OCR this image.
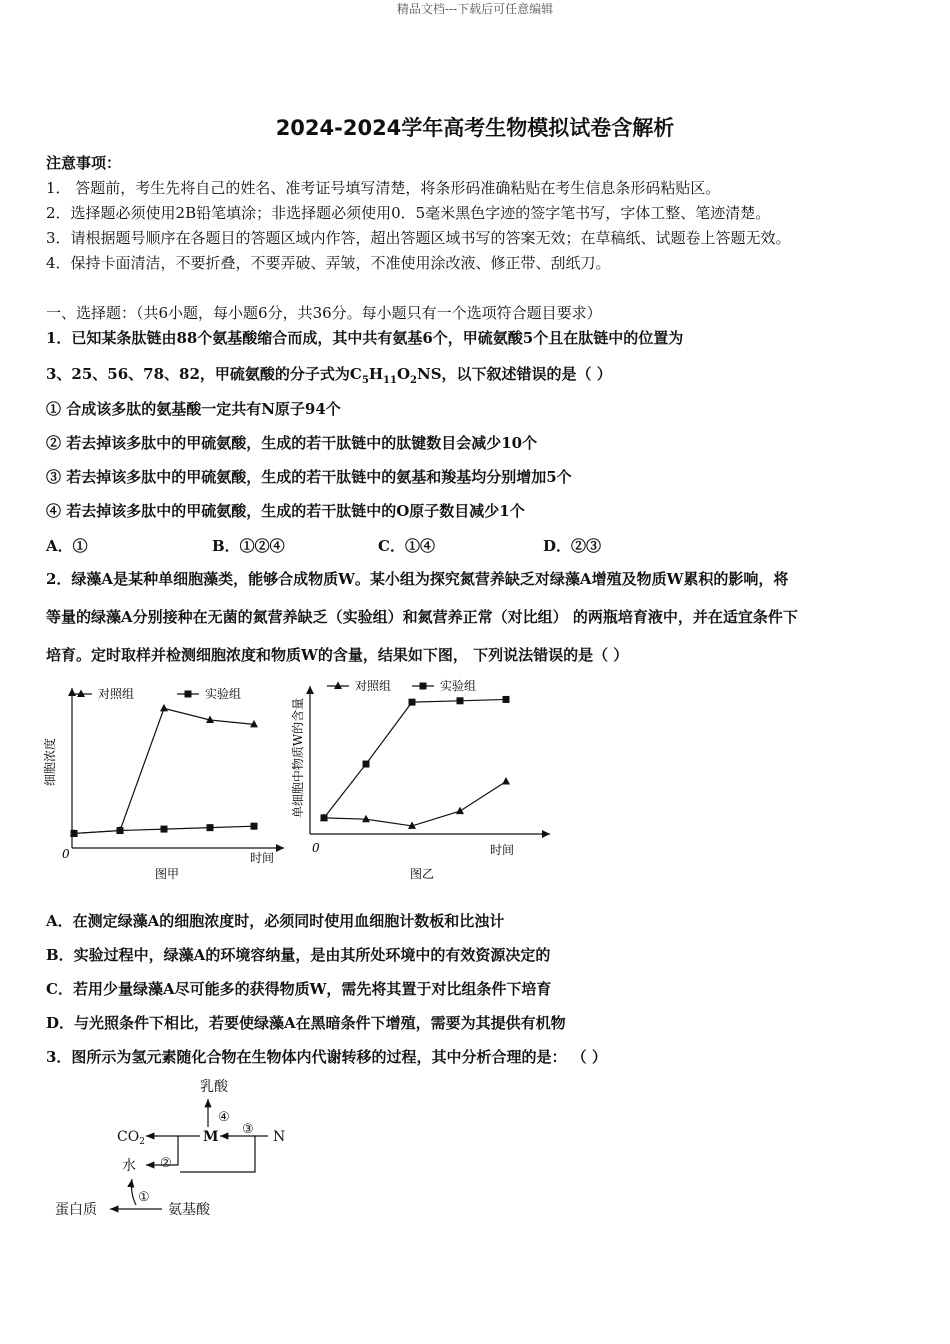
精品文档---下载后可任意编辑
2024-2024学年高考生物模拟试卷含解析
注意事项：
1． 答题前，考生先将自己的姓名、准考证号填写清楚，将条形码准确粘贴在考生信息条形码粘贴区。
2．选择题必须使用2B铅笔填涂；非选择题必须使用0．5毫米黑色字迹的签字笔书写，字体工整、笔迹清楚。
3．请根据题号顺序在各题目的答题区域内作答，超出答题区域书写的答案无效；在草稿纸、试题卷上答题无效。
4．保持卡面清洁，不要折叠，不要弄破、弄皱，不准使用涂改液、修正带、刮纸刀。
一、选择题：（共6小题，每小题6分，共36分。每小题只有一个选项符合题目要求）
1．已知某条肽链由88个氨基酸缩合而成，其中共有氨基6个，甲硫氨酸5个且在肽链中的位置为
3、25、56、78、82，甲硫氨酸的分子式为$C_5H_{11}O_2NS$，以下叙述错误的是（ ）
① 合成该多肽的氨基酸一定共有N原子94个
② 若去掉该多肽中的甲硫氨酸，生成的若干肽链中的肽键数目会减少10个
③ 若去掉该多肽中的甲硫氨酸，生成的若干肽链中的氨基和羧基均分别增加5个
④ 若去掉该多肽中的甲硫氨酸，生成的若干肽链中的O原子数目减少1个
A．①	B．①②④	C．①④	D．②③
2．绿藻A是某种单细胞藻类，能够合成物质W。某小组为探究氮营养缺乏对绿藻A增殖及物质W累积的影响，将
等量的绿藻A分别接种在无菌的氮营养缺乏（实验组）和氮营养正常（对比组） 的两瓶培育液中，并在适宜条件下
培育。定时取样并检测细胞浓度和物质W的含量，结果如下图， 下列说法错误的是（ ）
0	时间
图甲
细胞浓度
对照组	实验组
0	时间
图乙
单细胞中物质W的含量
对照组	实验组
A．在测定绿藻A的细胞浓度时，必须同时使用血细胞计数板和比浊计
B．实验过程中，绿藻A的环境容纳量，是由其所处环境中的有效资源决定的
C．若用少量绿藻A尽可能多的获得物质W，需先将其置于对比组条件下培育
D．与光照条件下相比，若要使绿藻A在黑暗条件下增殖，需要为其提供有机物
3．图所示为氢元素随化合物在生物体内代谢转移的过程，其中分析合理的是： （ ）
乳酸
M	N
$CO_2$
水
蛋白质	氨基酸
④
③
②
①
